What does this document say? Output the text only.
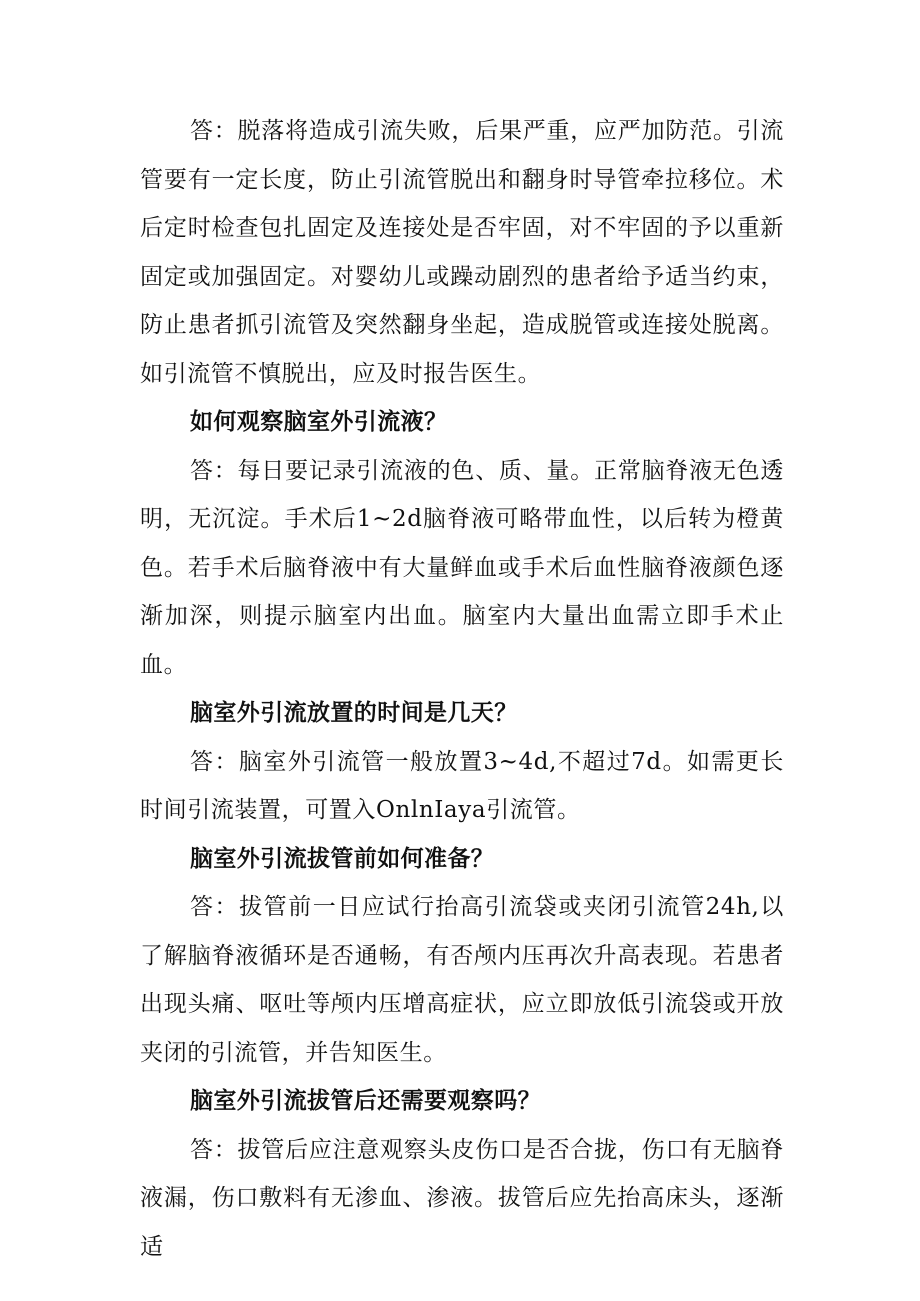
答：脱落将造成引流失败，后果严重，应严加防范。引流管要有一定长度，防止引流管脱出和翻身时导管牵拉移位。术后定时检查包扎固定及连接处是否牢固，对不牢固的予以重新固定或加强固定。对婴幼儿或躁动剧烈的患者给予适当约束，防止患者抓引流管及突然翻身坐起，造成脱管或连接处脱离。如引流管不慎脱出，应及时报告医生。

如何观察脑室外引流液？

答：每日要记录引流液的色、质、量。正常脑脊液无色透明，无沉淀。手术后1~2d脑脊液可略带血性，以后转为橙黄色。若手术后脑脊液中有大量鲜血或手术后血性脑脊液颜色逐渐加深，则提示脑室内出血。脑室内大量出血需立即手术止血。

脑室外引流放置的时间是几天？

答：脑室外引流管一般放置3~4d,不超过7d。如需更长时间引流装置，可置入OnlnIaya引流管。

脑室外引流拔管前如何准备？

答：拔管前一日应试行抬高引流袋或夹闭引流管24h,以了解脑脊液循环是否通畅，有否颅内压再次升高表现。若患者出现头痛、呕吐等颅内压增高症状，应立即放低引流袋或开放夹闭的引流管，并告知医生。

脑室外引流拔管后还需要观察吗？

答：拔管后应注意观察头皮伤口是否合拢，伤口有无脑脊液漏，伤口敷料有无渗血、渗液。拔管后应先抬高床头，逐渐适
